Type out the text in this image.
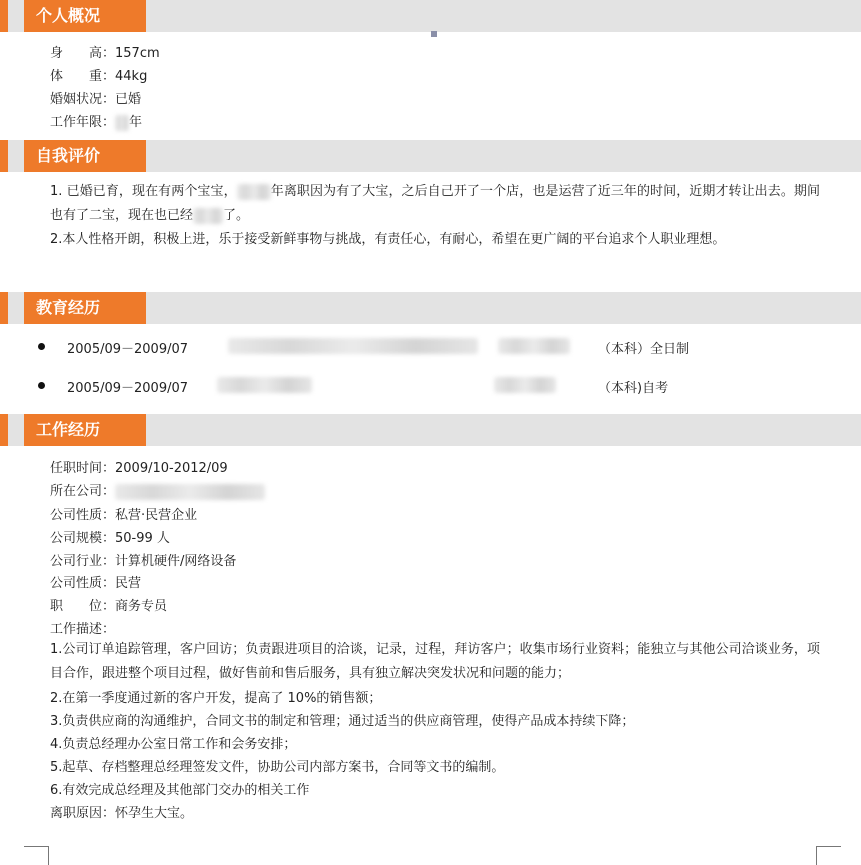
个人概况
身　　高：157cm
体　　重：44kg
婚姻状况：已婚
工作年限： 年
自我评价
1. 已婚已育，现在有两个宝宝，	年离职因为有了大宝，之后自己开了一个店，也是运营了近三年的时间，近期才转让出去。期间也有了二宝，现在也已经 了。
2.本人性格开朗，积极上进，乐于接受新鲜事物与挑战，有责任心，有耐心，希望在更广阔的平台追求个人职业理想。
教育经历
2005/09－2009/07	（本科）全日制
2005/09－2009/07	（本科)自考
工作经历
任职时间：2009/10-2012/09
所在公司：
公司性质：私营·民营企业
公司规模：50-99 人
公司行业：计算机硬件/网络设备
公司性质：民营
职　　位：商务专员
工作描述：
1.公司订单追踪管理，客户回访；负责跟进项目的洽谈，记录，过程，拜访客户；收集市场行业资料；能独立与其他公司洽谈业务，项目合作，跟进整个项目过程，做好售前和售后服务，具有独立解决突发状况和问题的能力；
2.在第一季度通过新的客户开发，提高了 10%的销售额；
3.负责供应商的沟通维护，合同文书的制定和管理；通过适当的供应商管理，使得产品成本持续下降；
4.负责总经理办公室日常工作和会务安排；
5.起草、存档整理总经理签发文件，协助公司内部方案书，合同等文书的编制。
6.有效完成总经理及其他部门交办的相关工作
离职原因：怀孕生大宝。
